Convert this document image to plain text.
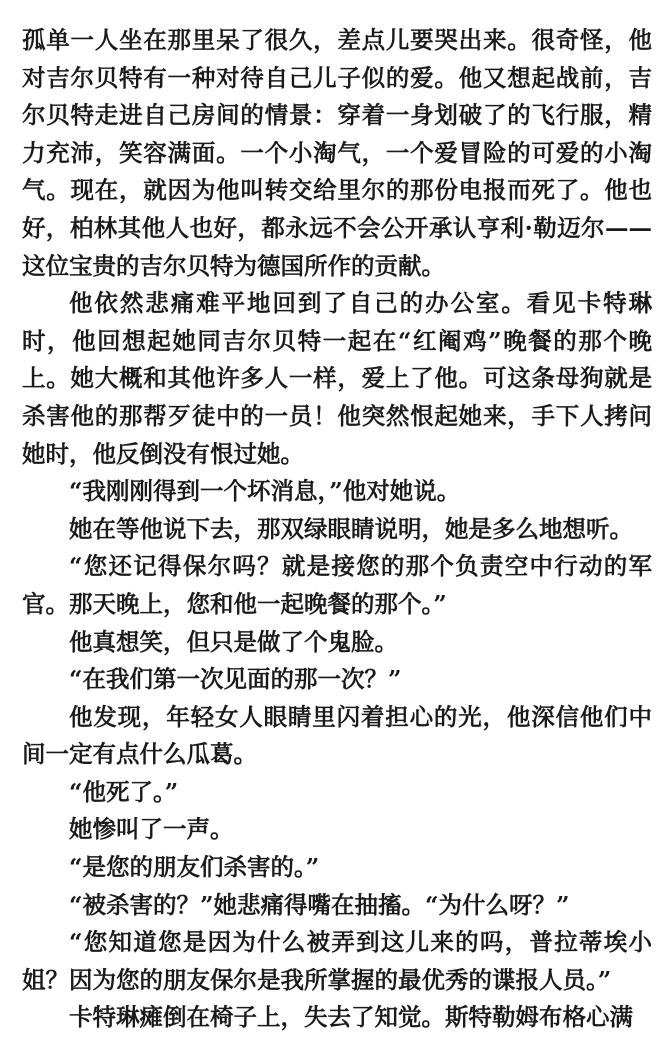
孤单一人坐在那里呆了很久，差点儿要哭出来。很奇怪，他对吉尔贝特有一种对待自己儿子似的爱。他又想起战前，吉尔贝特走进自己房间的情景：穿着一身划破了的飞行服，精力充沛，笑容满面。一个小淘气，一个爱冒险的可爱的小淘气。现在，就因为他叫转交给里尔的那份电报而死了。他也好，柏林其他人也好，都永远不会公开承认亨利·勒迈尔——这位宝贵的吉尔贝特为德国所作的贡献。

他依然悲痛难平地回到了自己的办公室。看见卡特琳时，他回想起她同吉尔贝特一起在“红阉鸡”晚餐的那个晚上。她大概和其他许多人一样，爱上了他。可这条母狗就是杀害他的那帮歹徒中的一员！他突然恨起她来，手下人拷问她时，他反倒没有恨过她。

“我刚刚得到一个坏消息，”他对她说。

她在等他说下去，那双绿眼睛说明，她是多么地想听。

“您还记得保尔吗？就是接您的那个负责空中行动的军官。那天晚上，您和他一起晚餐的那个。”

他真想笑，但只是做了个鬼脸。

“在我们第一次见面的那一次？”

他发现，年轻女人眼睛里闪着担心的光，他深信他们中间一定有点什么瓜葛。

“他死了。”

她惨叫了一声。

“是您的朋友们杀害的。”

“被杀害的？”她悲痛得嘴在抽搐。“为什么呀？”

“您知道您是因为什么被弄到这儿来的吗，普拉蒂埃小姐？因为您的朋友保尔是我所掌握的最优秀的谍报人员。”

卡特琳瘫倒在椅子上，失去了知觉。斯特勒姆布格心满
